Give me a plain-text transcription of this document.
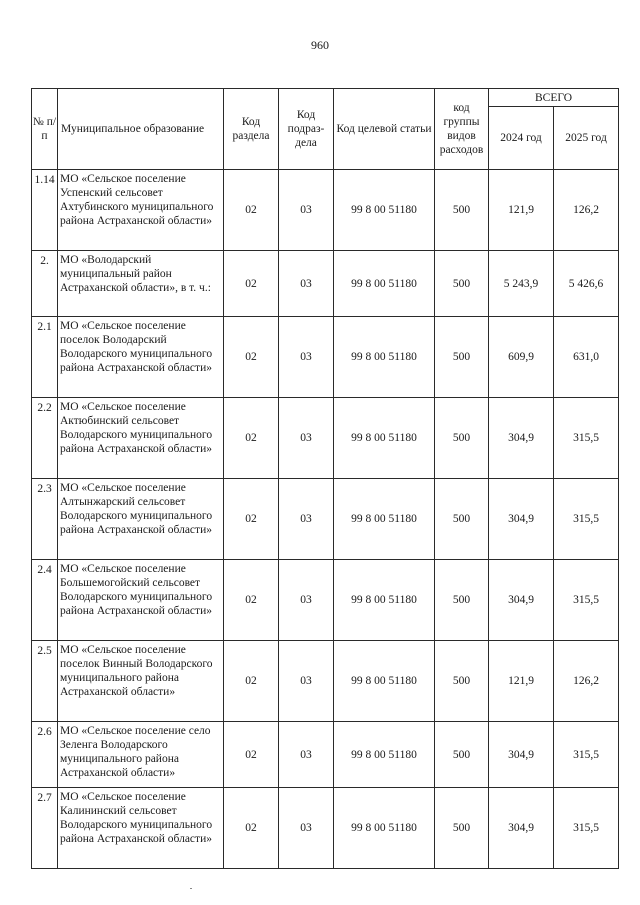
960
№ п/п	Муниципальное образование	Код раздела	Код подраз-дела	Код целевой статьи	код группы видов расходов	ВСЕГО	
						2024 год	2025 год
1.14	МО «Сельское поселение Успенский сельсовет Ахтубинского муниципального района Астраханской области»	02	03	99 8 00 51180	500	121,9	126,2
2.	МО «Володарский муниципальный район Астраханской области», в т. ч.:	02	03	99 8 00 51180	500	5 243,9	5 426,6
2.1	МО «Сельское поселение поселок Володарский Володарского муниципального района Астраханской области»	02	03	99 8 00 51180	500	609,9	631,0
2.2	МО «Сельское поселение Актюбинский сельсовет Володарского муниципального района Астраханской области»	02	03	99 8 00 51180	500	304,9	315,5
2.3	МО «Сельское поселение Алтынжарский сельсовет Володарского муниципального района Астраханской области»	02	03	99 8 00 51180	500	304,9	315,5
2.4	МО «Сельское поселение Большемогойский сельсовет Володарского муниципального района Астраханской области»	02	03	99 8 00 51180	500	304,9	315,5
2.5	МО «Сельское поселение поселок Винный Володарского муниципального района Астраханской области»	02	03	99 8 00 51180	500	121,9	126,2
2.6	МО «Сельское поселение село Зеленга Володарского муниципального района Астраханской области»	02	03	99 8 00 51180	500	304,9	315,5
2.7	МО «Сельское поселение Калининский сельсовет Володарского муниципального района Астраханской области»	02	03	99 8 00 51180	500	304,9	315,5
